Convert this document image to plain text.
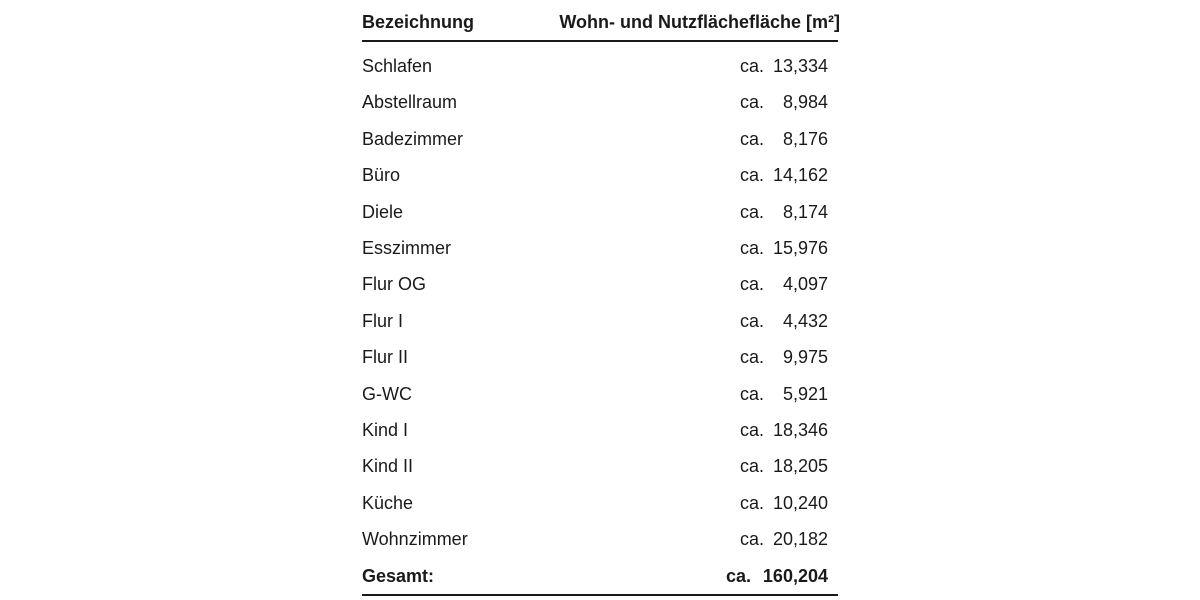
Bezeichnung	Wohn- und Nutzflächefläche [m²]
Schlafen	ca. 13,334
Abstellraum	ca. 8,984
Badezimmer	ca. 8,176
Büro	ca. 14,162
Diele	ca. 8,174
Esszimmer	ca. 15,976
Flur OG	ca. 4,097
Flur I	ca. 4,432
Flur II	ca. 9,975
G-WC	ca. 5,921
Kind I	ca. 18,346
Kind II	ca. 18,205
Küche	ca. 10,240
Wohnzimmer	ca. 20,182
Gesamt:	ca. 160,204
